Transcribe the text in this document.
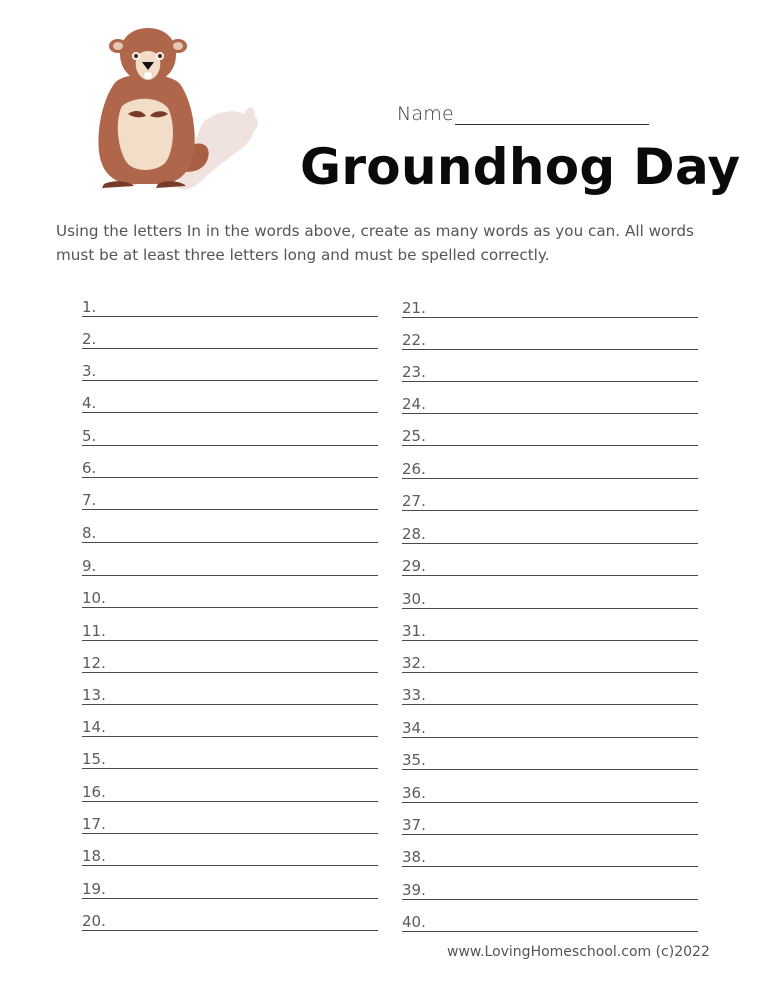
Name
Groundhog Day
Using the letters In in the words above, create as many words as you can. All words must be at least three letters long and must be spelled correctly.
1.
2.
3.
4.
5.
6.
7.
8.
9.
10.
11.
12.
13.
14.
15.
16.
17.
18.
19.
20.
21.
22.
23.
24.
25.
26.
27.
28.
29.
30.
31.
32.
33.
34.
35.
36.
37.
38.
39.
40.
www.LovingHomeschool.com (c)2022
